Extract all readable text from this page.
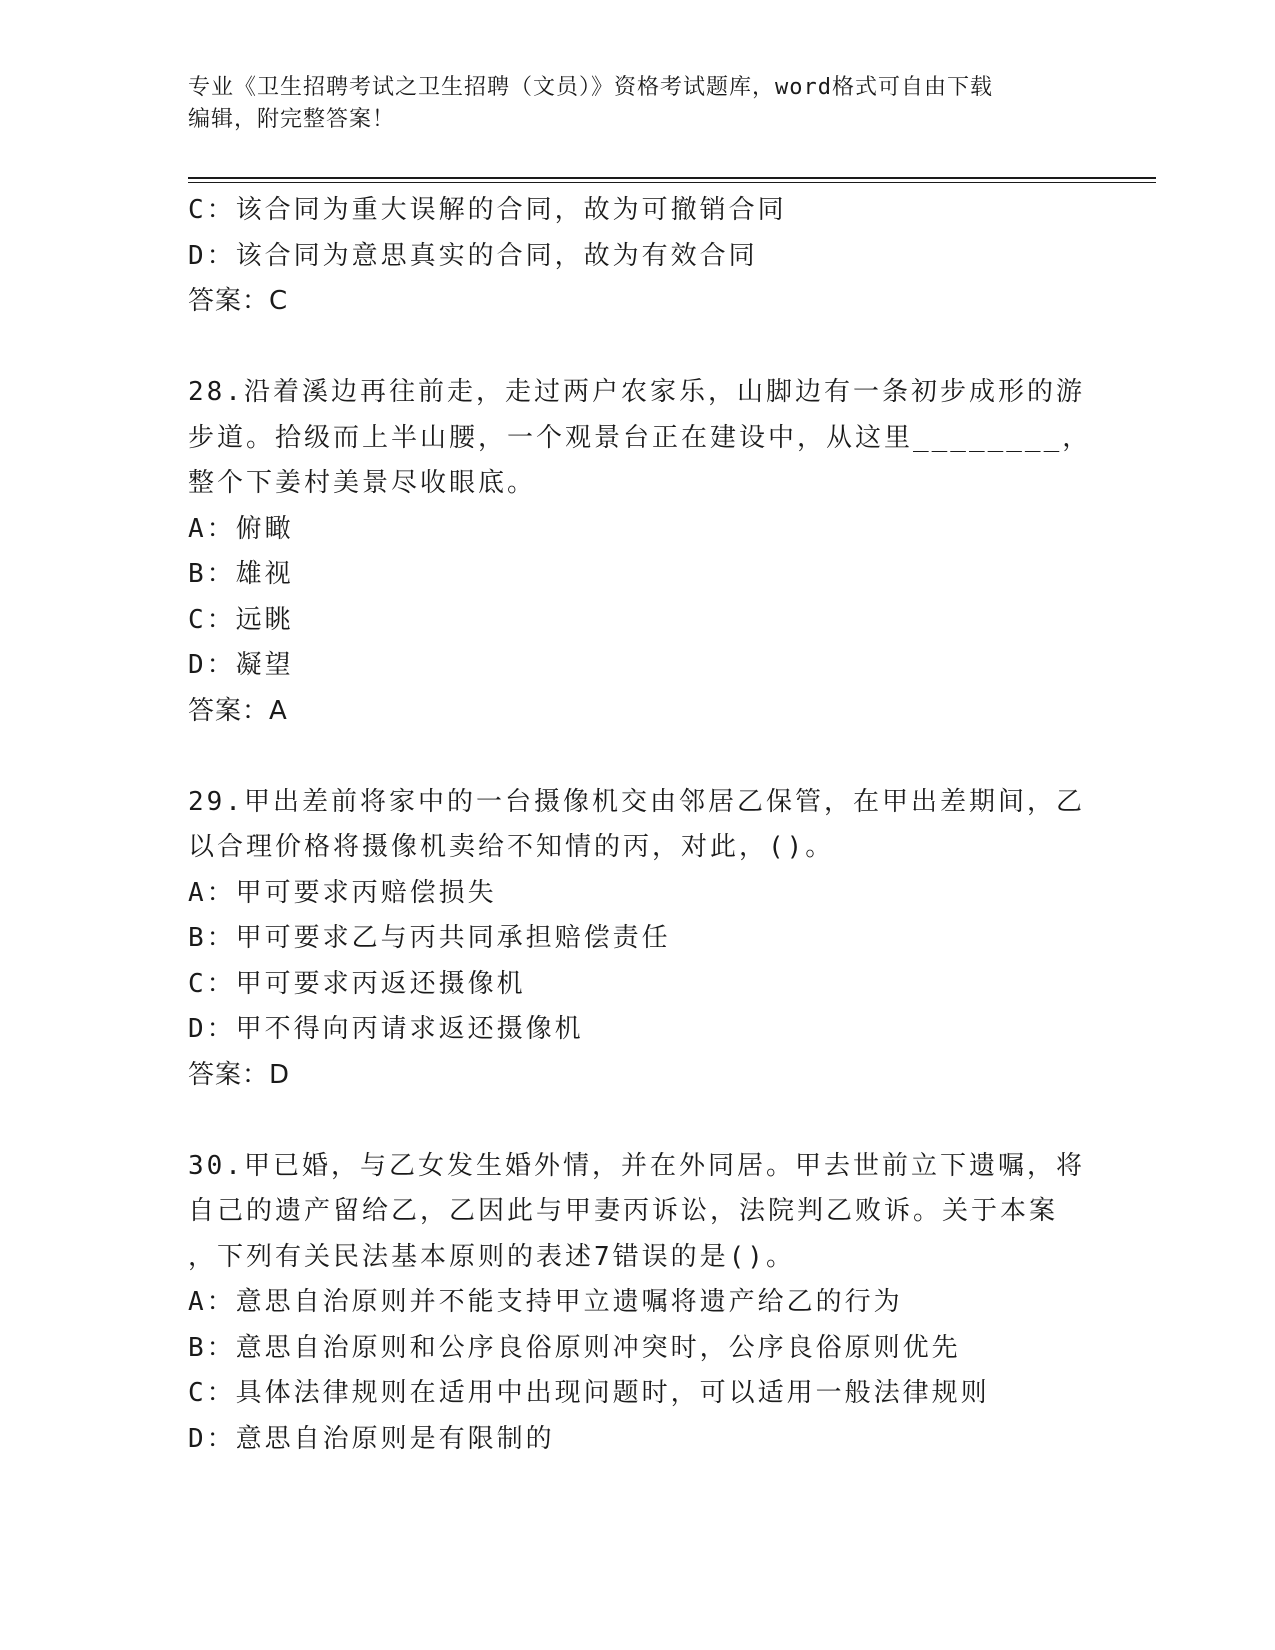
专业《卫生招聘考试之卫生招聘（文员）》资格考试题库，word格式可自由下载
编辑，附完整答案！
C：该合同为重大误解的合同，故为可撤销合同
D：该合同为意思真实的合同，故为有效合同
答案：C
28.沿着溪边再往前走，走过两户农家乐，山脚边有一条初步成形的游
步道。拾级而上半山腰，一个观景台正在建设中，从这里________，
整个下姜村美景尽收眼底。
A：俯瞰
B：雄视
C：远眺
D：凝望
答案：A
29.甲出差前将家中的一台摄像机交由邻居乙保管，在甲出差期间，乙
以合理价格将摄像机卖给不知情的丙，对此，()。
A：甲可要求丙赔偿损失
B：甲可要求乙与丙共同承担赔偿责任
C：甲可要求丙返还摄像机
D：甲不得向丙请求返还摄像机
答案：D
30.甲已婚，与乙女发生婚外情，并在外同居。甲去世前立下遗嘱，将
自己的遗产留给乙，乙因此与甲妻丙诉讼，法院判乙败诉。关于本案
，下列有关民法基本原则的表述7错误的是()。
A：意思自治原则并不能支持甲立遗嘱将遗产给乙的行为
B：意思自治原则和公序良俗原则冲突时，公序良俗原则优先
C：具体法律规则在适用中出现问题时，可以适用一般法律规则
D：意思自治原则是有限制的
